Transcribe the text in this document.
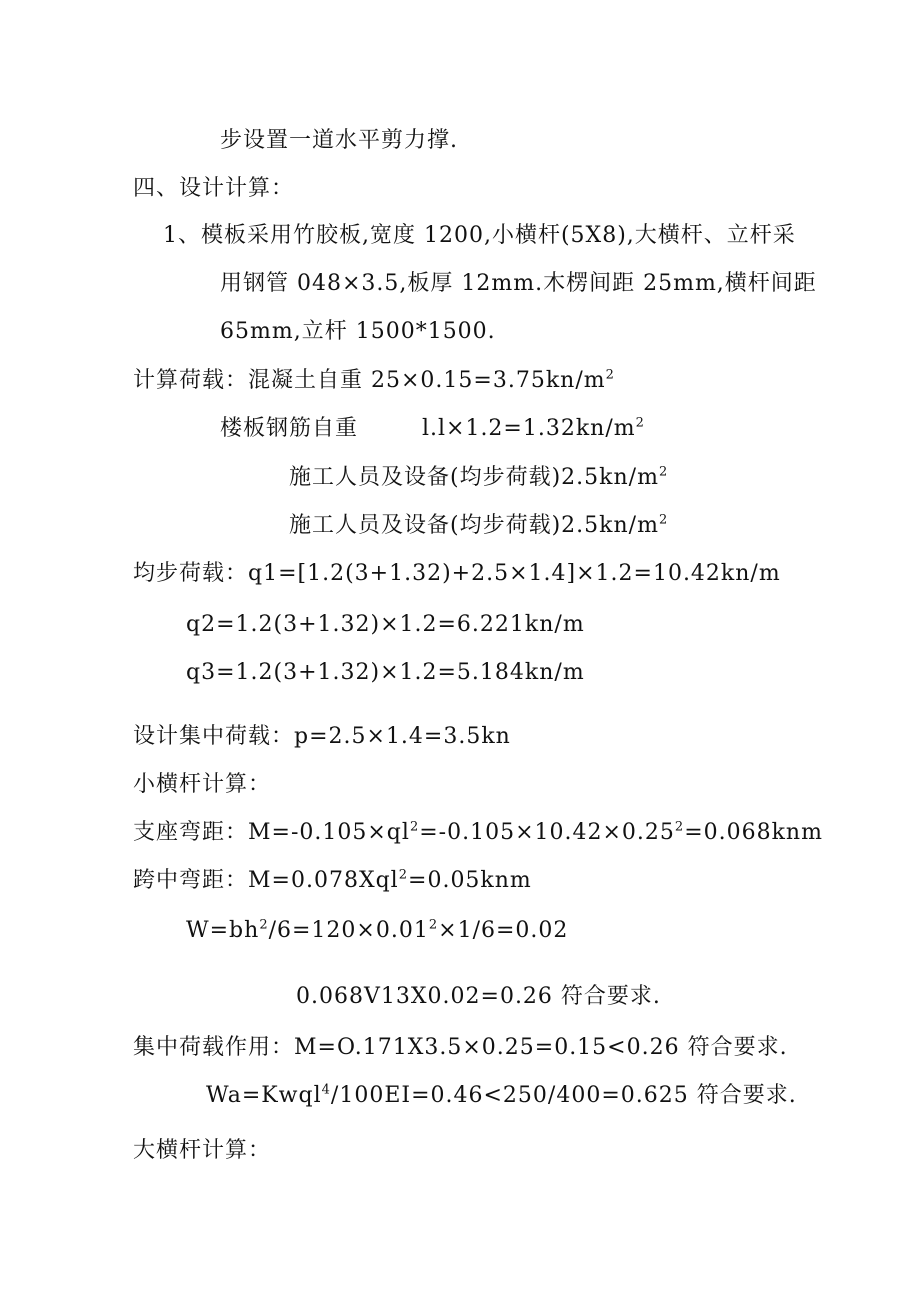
步设置一道水平剪力撑.
四、设计计算：
1、模板采用竹胶板,宽度 1200,小横杆(5X8),大横杆、立杆采
用钢管 048×3.5,板厚 12mm.木楞间距 25mm,横杆间距
65mm,立杆 1500*1500.
计算荷载：混凝土自重 $25\times 0.15=3.75kn/m^2$
楼板钢筋自重        $l.l\times 1.2=1.32kn/m^2$
施工人员及设备(均步荷载)$2.5kn/m^2$
施工人员及设备(均步荷载)$2.5kn/m^2$
均步荷载：q1=[1.2(3+1.32)+2.5×1.4]×1.2=10.42kn/m
q2=1.2(3+1.32)×1.2=6.221kn/m
q3=1.2(3+1.32)×1.2=5.184kn/m
设计集中荷载：p=2.5×1.4=3.5kn
小横杆计算：
支座弯距：$M=-0.105\times ql^2=-0.105\times 10.42\times 0.25^2=0.068knm$
跨中弯距：M=0.078Xql$^2$=0.05knm
$W=bh^2/6=120\times 0.01^2\times 1/6=0.02$
0.068V13X0.02=0.26 符合要求.
集中荷载作用：M=O.171X3.5×0.25=0.15<0.26 符合要求.
Wa=Kwql$^4$/100EI=0.46<250/400=0.625 符合要求.
大横杆计算：
